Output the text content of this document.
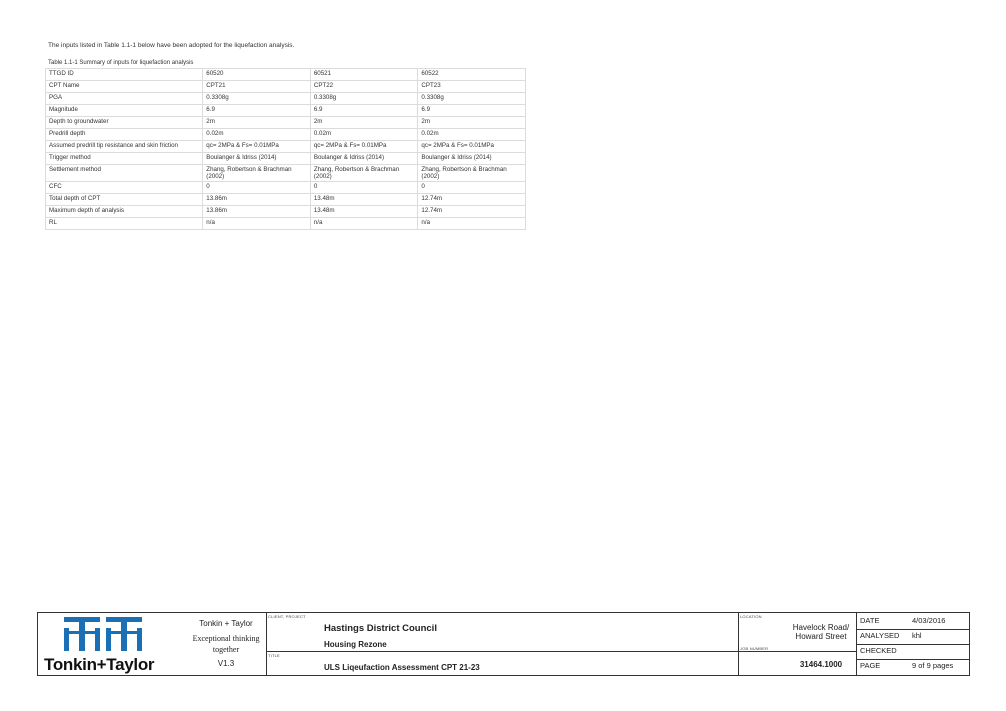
The inputs listed in Table 1.1-1 below have been adopted for the liquefaction analysis.
Table 1.1-1 Summary of inputs for liquefaction analysis
TTGD ID	60520	60521	60522
CPT Name	CPT21	CPT22	CPT23
PGA	0.3308g	0.3308g	0.3308g
Magnitude	6.9	6.9	6.9
Depth to groundwater	2m	2m	2m
Predrill depth	0.02m	0.02m	0.02m
Assumed predrill tip resistance and skin friction	qc= 2MPa & Fs= 0.01MPa	qc= 2MPa & Fs= 0.01MPa	qc= 2MPa & Fs= 0.01MPa
Trigger method	Boulanger & Idriss (2014)	Boulanger & Idriss (2014)	Boulanger & Idriss (2014)
Settlement method	Zhang, Robertson & Brachman (2002)	Zhang, Robertson & Brachman (2002)	Zhang, Robertson & Brachman (2002)
CFC	0	0	0
Total depth of CPT	13.86m	13.48m	12.74m
Maximum depth of analysis	13.86m	13.48m	12.74m
RL	n/a	n/a	n/a
Tonkin+Taylor
Tonkin + Taylor
Exceptional thinking
together
V1.3
CLIENT, PROJECT
Hastings District Council
Housing Rezone
TITLE
ULS Liqeufaction Assessment CPT 21-23
LOCATION
Havelock Road/
Howard Street
JOB NUMBER
31464.1000
DATE	4/03/2016
ANALYSED khl
CHECKED
PAGE	9 of 9 pages
